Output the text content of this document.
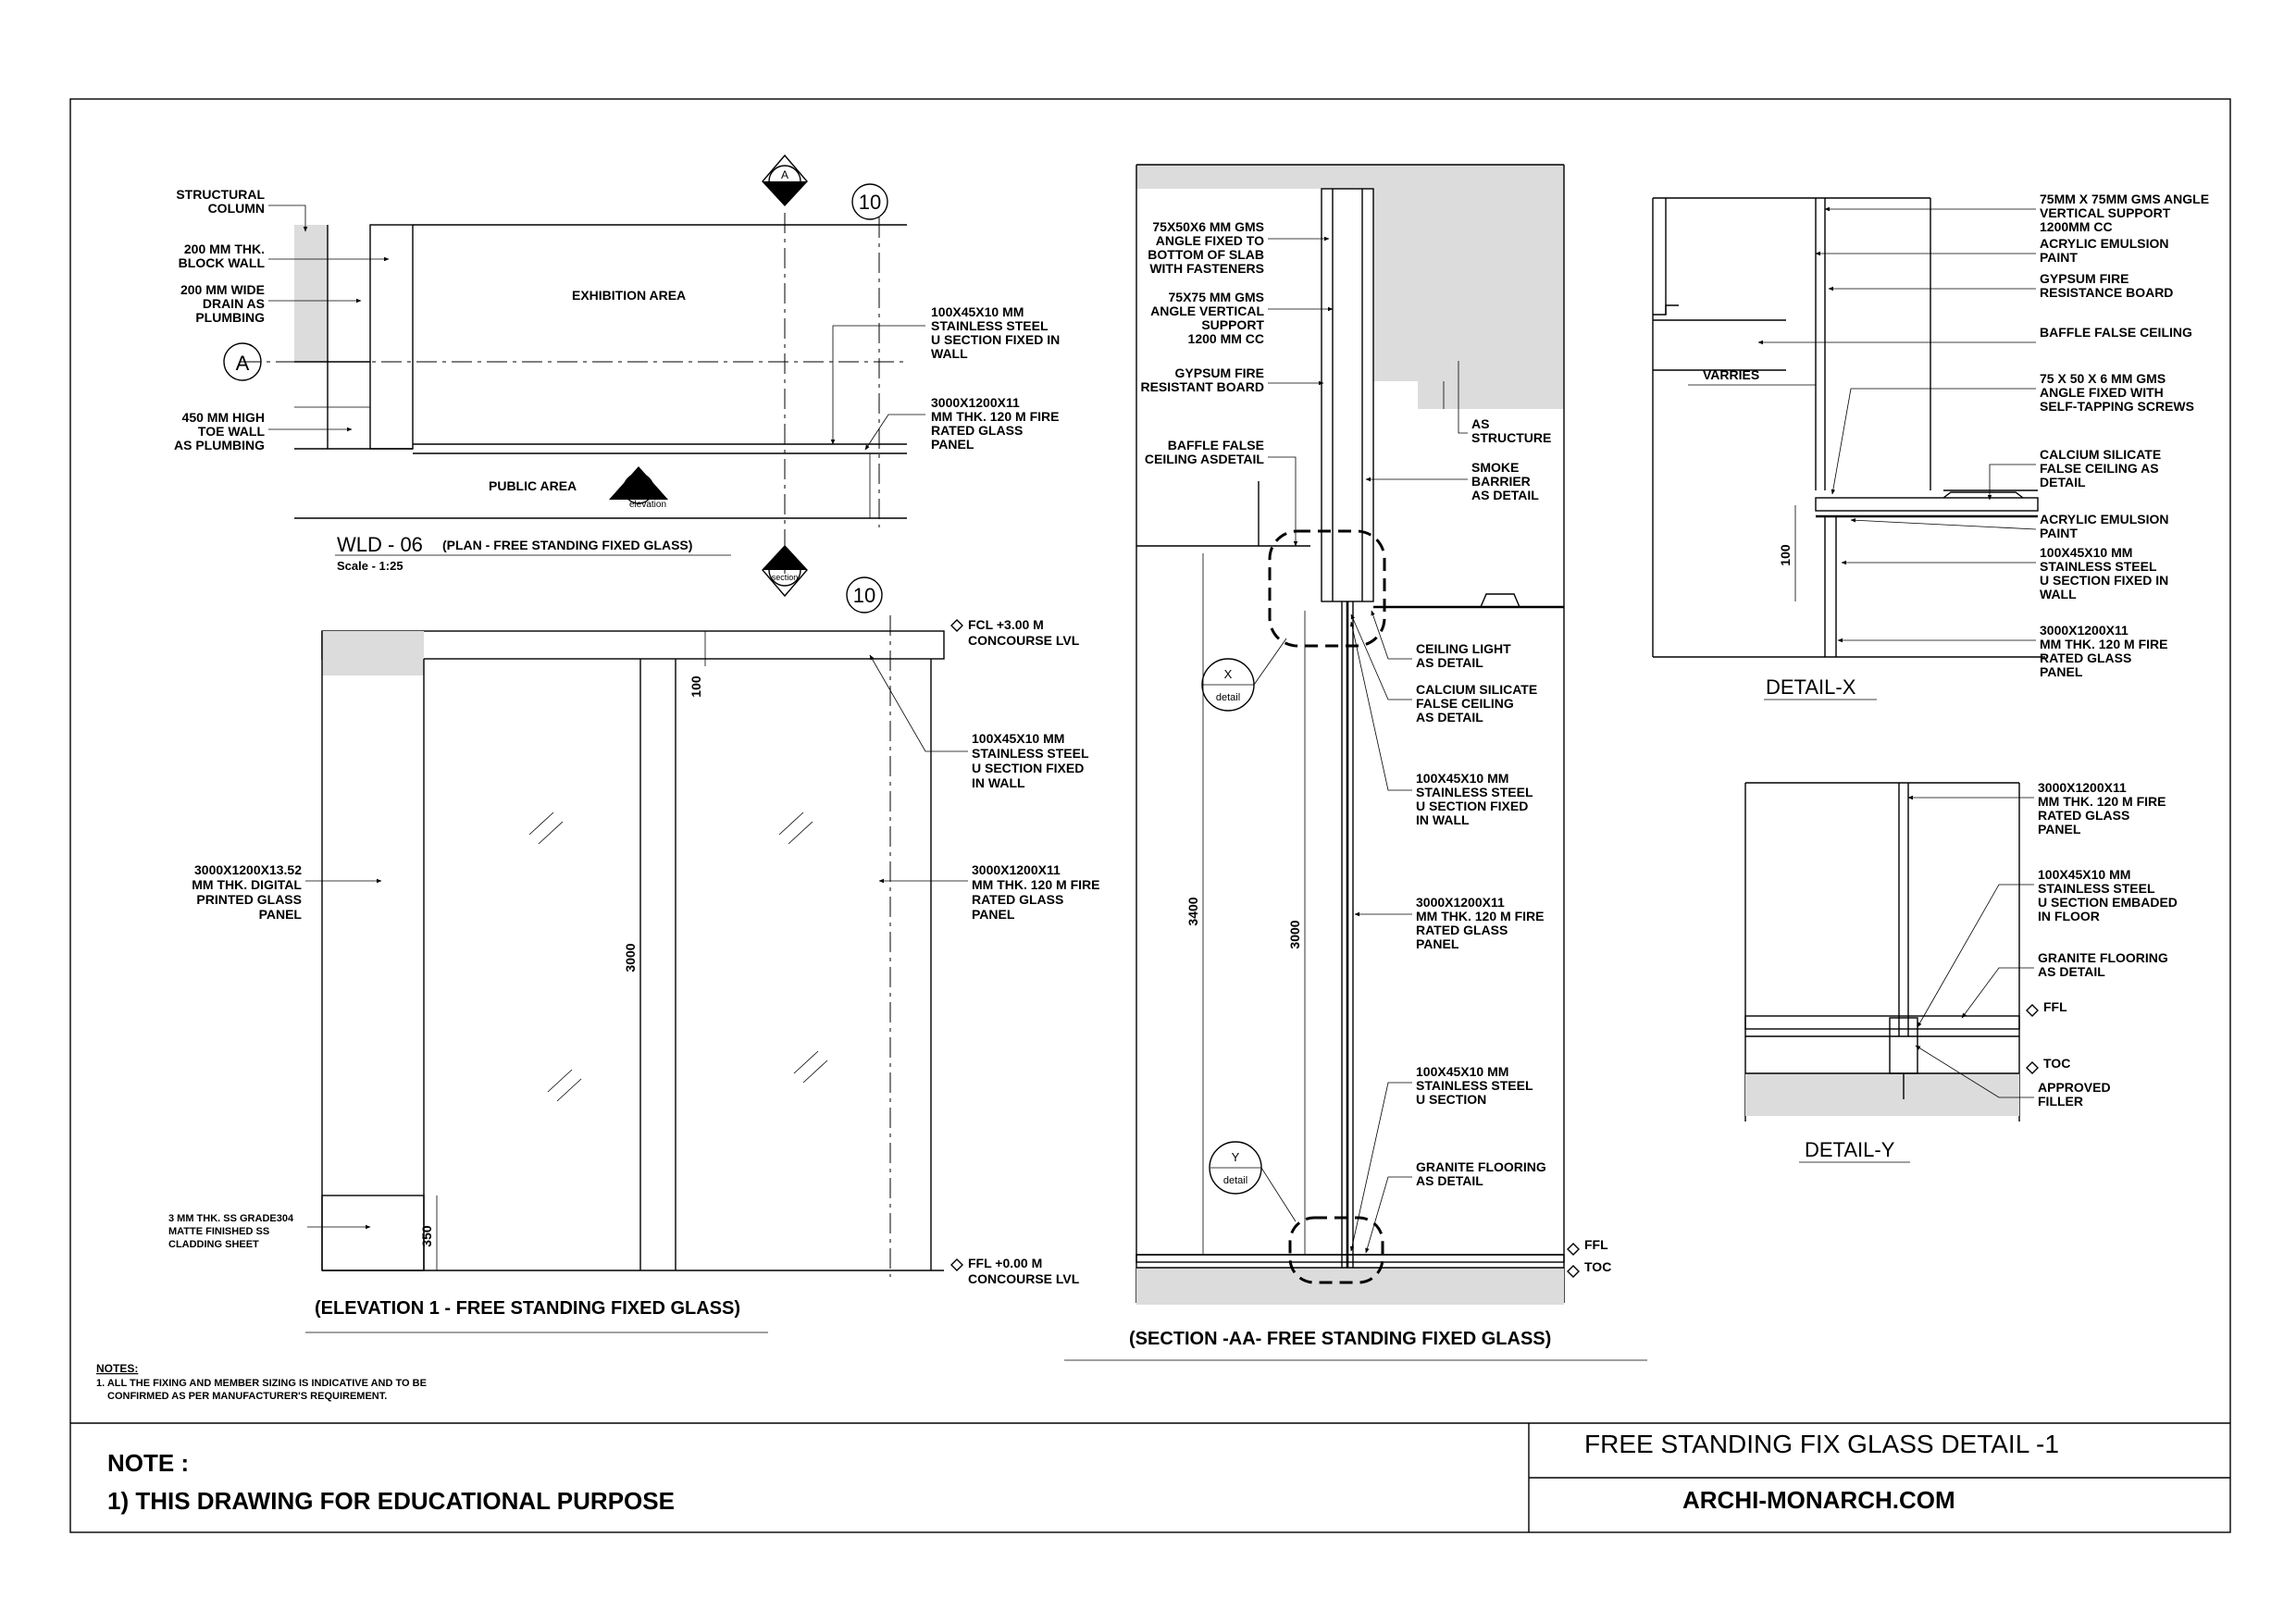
NOTE :
1) THIS DRAWING FOR EDUCATIONAL PURPOSE
FREE STANDING FIX GLASS DETAIL -1
ARCHI-MONARCH.COM
NOTES:
1. ALL THE FIXING AND MEMBER SIZING IS INDICATIVE AND TO BE
CONFIRMED AS PER MANUFACTURER'S REQUIREMENT.
A
10
A
section
A
section
1
elevation
EXHIBITION AREA
PUBLIC AREA
WLD - 06 (PLAN - FREE STANDING FIXED GLASS)
Scale - 1:25
STRUCTURAL COLUMN
200 MM THK. BLOCK WALL
200 MM WIDE DRAIN AS PLUMBING
450 MM HIGH TOE WALL AS PLUMBING
100X45X10 MM STAINLESS STEEL U SECTION FIXED IN WALL
3000X1200X11 MM THK. 120 M FIRE RATED GLASS PANEL
10
3000
100
350
FCL +3.00 M CONCOURSE LVL
FFL +0.00 M CONCOURSE LVL
100X45X10 MM STAINLESS STEEL U SECTION FIXED IN WALL
3000X1200X13.52 MM THK. DIGITAL PRINTED GLASS PANEL
3000X1200X11 MM THK. 120 M FIRE RATED GLASS PANEL
3 MM THK. SS GRADE304 MATTE FINISHED SS CLADDING SHEET
(ELEVATION 1 - FREE STANDING FIXED GLASS)
3400
3000
X
detail
Y
detail
FFL
TOC
75X50X6 MM GMS ANGLE FIXED TO BOTTOM OF SLAB WITH FASTENERS
75X75 MM GMS ANGLE VERTICAL SUPPORT 1200 MM CC
GYPSUM FIRE RESISTANT BOARD
BAFFLE FALSE CEILING ASDETAIL
AS STRUCTURE
SMOKE BARRIER AS DETAIL
CEILING LIGHT AS DETAIL
CALCIUM SILICATE FALSE CEILING AS DETAIL
100X45X10 MM STAINLESS STEEL U SECTION FIXED IN WALL
3000X1200X11 MM THK. 120 M FIRE RATED GLASS PANEL
100X45X10 MM STAINLESS STEEL U SECTION
GRANITE FLOORING AS DETAIL
(SECTION -AA- FREE STANDING FIXED GLASS)
100
VARRIES
DETAIL-X
75MM X 75MM GMS ANGLE VERTICAL SUPPORT 1200MM CC
ACRYLIC EMULSION PAINT
GYPSUM FIRE RESISTANCE BOARD
BAFFLE FALSE CEILING
75 X 50 X 6 MM GMS ANGLE FIXED WITH SELF-TAPPING SCREWS
CALCIUM SILICATE FALSE CEILING AS DETAIL
ACRYLIC EMULSION PAINT
100X45X10 MM STAINLESS STEEL U SECTION FIXED IN WALL
3000X1200X11 MM THK. 120 M FIRE RATED GLASS PANEL
FFL
TOC
DETAIL-Y
3000X1200X11 MM THK. 120 M FIRE RATED GLASS PANEL
100X45X10 MM STAINLESS STEEL U SECTION EMBADED IN FLOOR
GRANITE FLOORING AS DETAIL
APPROVED FILLER
